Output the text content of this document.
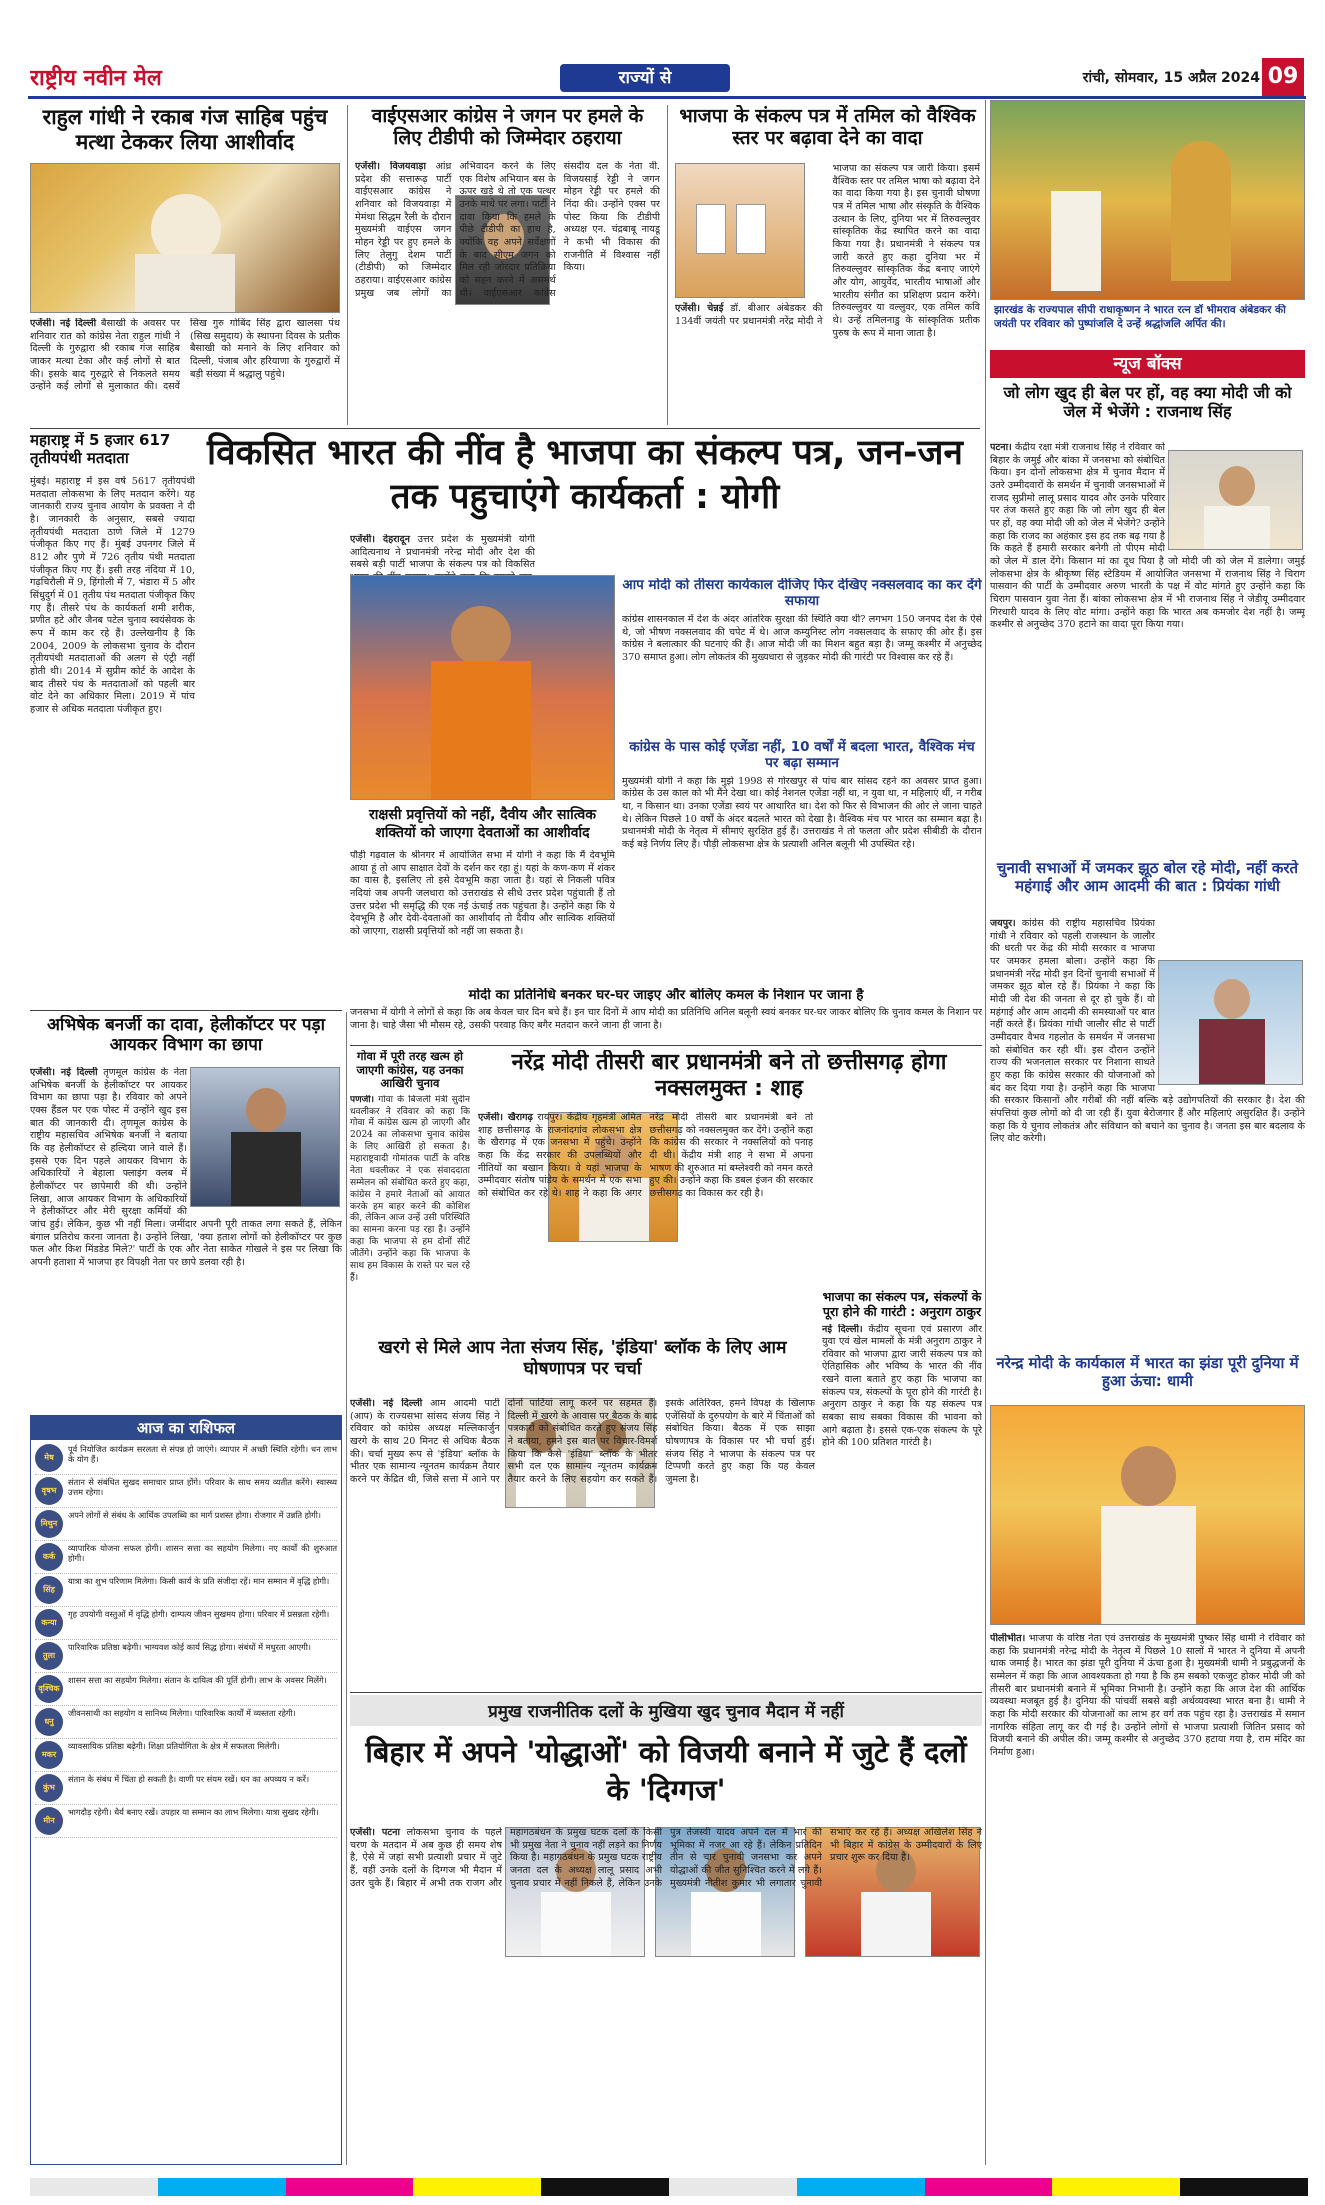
राष्ट्रीय नवीन मेल	राज्यों से	रांची, सोमवार, 15 अप्रैल 2024 09
राहुल गांधी ने रकाब गंज साहिब पहुंच मत्था टेककर लिया आशीर्वाद
एजेंसी। नई दिल्ली बैसाखी के अवसर पर शनिवार रात को कांग्रेस नेता राहुल गांधी ने दिल्ली के गुरुद्वारा श्री रकाब गंज साहिब जाकर मत्था टेका और कई लोगों से बात की। इसके बाद गुरुद्वारे से निकलते समय उन्होंने कई लोगों से मुलाकात की। दसवें सिख गुरु गोबिंद सिंह द्वारा खालसा पंथ (सिख समुदाय) के स्थापना दिवस के प्रतीक बैसाखी को मनाने के लिए शनिवार को दिल्ली, पंजाब और हरियाणा के गुरुद्वारों में बड़ी संख्या में श्रद्धालु पहुंचे।
वाईएसआर कांग्रेस ने जगन पर हमले के लिए टीडीपी को जिम्मेदार ठहराया
एजेंसी। विजयवाड़ा आंध्र प्रदेश की सत्तारूढ़ पार्टी वाईएसआर कांग्रेस ने शनिवार को विजयवाड़ा में मेमंथा सिद्धम रैली के दौरान मुख्यमंत्री वाईएस जगन मोहन रेड्डी पर हुए हमले के लिए तेलुगु देशम पार्टी (टीडीपी) को जिम्मेदार ठहराया। वाईएसआर कांग्रेस प्रमुख जब लोगों का अभिवादन करने के लिए एक विशेष अभियान बस के ऊपर खड़े थे तो एक पत्थर उनके माथे पर लगा। पार्टी ने दावा किया कि हमले के पीछे टीडीपी का हाथ है, क्योंकि वह अपने सर्वेक्षणों के बाद सीएम जगन को मिल रही जोरदार प्रतिक्रिया को सहन करने में असमर्थ थी। वाईएसआर कांग्रेस संसदीय दल के नेता वी. विजयसाई रेड्डी ने जगन मोहन रेड्डी पर हमले की निंदा की। उन्होंने एक्स पर पोस्ट किया कि टीडीपी अध्यक्ष एन. चंद्रबाबू नायडू ने कभी भी विकास की राजनीति में विश्वास नहीं किया।
भाजपा के संकल्प पत्र में तमिल को वैश्विक स्तर पर बढ़ावा देने का वादा
एजेंसी। चेन्नई डॉ. बीआर अंबेडकर की 134वीं जयंती पर प्रधानमंत्री नरेंद्र मोदी ने भाजपा का संकल्प पत्र जारी किया। इसमें वैश्विक स्तर पर तमिल भाषा को बढ़ावा देने का वादा किया गया है। इस चुनावी घोषणा पत्र में तमिल भाषा और संस्कृति के वैश्विक उत्थान के लिए, दुनिया भर में तिरुवल्लुवर सांस्कृतिक केंद्र स्थापित करने का वादा किया गया है। प्रधानमंत्री ने संकल्प पत्र जारी करते हुए कहा दुनिया भर में तिरुवल्लुवर सांस्कृतिक केंद्र बनाए जाएंगे और योग, आयुर्वेद, भारतीय भाषाओं और भारतीय संगीत का प्रशिक्षण प्रदान करेंगे। तिरुवल्लुवर या वल्लुवर, एक तमिल कवि थे। उन्हें तमिलनाडु के सांस्कृतिक प्रतीक पुरुष के रूप में माना जाता है।
झारखंड के राज्यपाल सीपी राधाकृष्णन ने भारत रत्न डॉ भीमराव अंबेडकर की जयंती पर रविवार को पुष्पांजलि दे उन्हें श्रद्धांजलि अर्पित की।
न्यूज बॉक्स
जो लोग खुद ही बेल पर हों, वह क्या मोदी जी को जेल में भेजेंगे : राजनाथ सिंह
पटना। केंद्रीय रक्षा मंत्री राजनाथ सिंह ने रविवार को बिहार के जमुई और बांका में जनसभा को संबोधित किया। इन दोनों लोकसभा क्षेत्र में चुनाव मैदान में उतरे उम्मीदवारों के समर्थन में चुनावी जनसभाओं में राजद सुप्रीमो लालू प्रसाद यादव और उनके परिवार पर तंज कसते हुए कहा कि जो लोग खुद ही बेल पर हों, वह क्या मोदी जी को जेल में भेजेंगे? उन्होंने कहा कि राजद का अहंकार इस हद तक बढ़ गया है कि कहते हैं हमारी सरकार बनेगी तो पीएम मोदी को जेल में डाल देंगे। किसान मां का दूध पिया है जो मोदी जी को जेल में डालेगा। जमुई लोकसभा क्षेत्र के श्रीकृष्ण सिंह स्टेडियम में आयोजित जनसभा में राजनाथ सिंह ने चिराग पासवान की पार्टी के उम्मीदवार अरुण भारती के पक्ष में वोट मांगते हुए उन्होंने कहा कि चिराग पासवान युवा नेता हैं। बांका लोकसभा क्षेत्र में भी राजनाथ सिंह ने जेडीयू उम्मीदवार गिरधारी यादव के लिए वोट मांगा। उन्होंने कहा कि भारत अब कमजोर देश नहीं है। जम्मू कश्मीर से अनुच्छेद 370 हटाने का वादा पूरा किया गया।
महाराष्ट्र में 5 हजार 617 तृतीयपंथी मतदाता
मुंबई। महाराष्ट्र में इस वर्ष 5617 तृतीयपंथी मतदाता लोकसभा के लिए मतदान करेंगे। यह जानकारी राज्य चुनाव आयोग के प्रवक्ता ने दी है। जानकारी के अनुसार, सबसे ज्यादा तृतीयपंथी मतदाता ठाणे जिले में 1279 पंजीकृत किए गए हैं। मुंबई उपनगर जिले में 812 और पुणे में 726 तृतीय पंथी मतदाता पंजीकृत किए गए हैं। इसी तरह नंदिया में 10, गढ़चिरौली में 9, हिंगोली में 7, भंडारा में 5 और सिंधुदुर्ग में 01 तृतीय पंथ मतदाता पंजीकृत किए गए हैं। तीसरे पंथ के कार्यकर्ता शमी शरीक, प्रणीत हटे और जैनब पटेल चुनाव स्वयंसेवक के रूप में काम कर रहे हैं। उल्लेखनीय है कि 2004, 2009 के लोकसभा चुनाव के दौरान तृतीयपंथी मतदाताओं की अलग से एंट्री नहीं होती थी। 2014 में सुप्रीम कोर्ट के आदेश के बाद तीसरे पंथ के मतदाताओं को पहली बार वोट देने का अधिकार मिला। 2019 में पांच हजार से अधिक मतदाता पंजीकृत हुए।
विकसित भारत की नींव है भाजपा का संकल्प पत्र, जन-जन तक पहुचाएंगे कार्यकर्ता : योगी
एजेंसी। देहरादून उत्तर प्रदेश के मुख्यमंत्री योगी आदित्यनाथ ने प्रधानमंत्री नरेन्द्र मोदी और देश की सबसे बड़ी पार्टी भाजपा के संकल्प पत्र को विकसित
राक्षसी प्रवृत्तियों को नहीं, दैवीय और सात्विक शक्तियों को जाएगा देवताओं का आशीर्वाद
पौड़ी गढ़वाल के श्रीनगर में आयोजित सभा में योगी ने कहा कि मैं देवभूमि आया हूं तो आप साक्षात देवों के दर्शन कर रहा हूं। यहां के कण-कण में शंकर का वास है, इसलिए तो इसे देवभूमि कहा जाता है। यहां से निकली पवित्र नदियां जब अपनी जलधारा को उत्तराखंड से सीधे उत्तर प्रदेश पहुंचाती हैं तो उत्तर प्रदेश भी समृद्धि की एक नई ऊंचाई तक पहुंचता है। उन्होंने कहा कि ये देवभूमि है और देवी-देवताओं का आशीर्वाद तो दैवीय और सात्विक शक्तियों को जाएगा, राक्षसी प्रवृत्तियों को नहीं जा सकता है।
आप मोदी को तीसरा कार्यकाल दीजिए फिर देखिए नक्सलवाद का कर देंगे सफाया
कांग्रेस शासनकाल में देश के अंदर आंतरिक सुरक्षा की स्थिति क्या थी? लगभग 150 जनपद देश के ऐसे थे, जो भीषण नक्सलवाद की चपेट में थे। आज कम्युनिस्ट लोग नक्सलवाद के सफाए की ओर हैं। इस कांग्रेस ने बलात्कार की घटनाएं की हैं। आज मोदी जी का मिशन बहुत बड़ा है। जम्मू कश्मीर में अनुच्छेद 370 समाप्त हुआ। लोग लोकतंत्र की मुख्यधारा से जुड़कर मोदी की गारंटी पर विश्वास कर रहे हैं।
कांग्रेस के पास कोई एजेंडा नहीं, 10 वर्षों में बदला भारत, वैश्विक मंच पर बढ़ा सम्मान
मुख्यमंत्री योगी ने कहा कि मुझे 1998 से गोरखपुर से पांच बार सांसद रहने का अवसर प्राप्त हुआ। कांग्रेस के उस काल को भी मैंने देखा था। कोई नेशनल एजेंडा नहीं था, न युवा था, न महिलाएं थीं, न गरीब था, न किसान था। उनका एजेंडा स्वयं पर आधारित था। देश को फिर से विभाजन की ओर ले जाना चाहते थे। लेकिन पिछले 10 वर्षों के अंदर बदलते भारत को देखा है। वैश्विक मंच पर भारत का सम्मान बढ़ा है। प्रधानमंत्री मोदी के नेतृत्व में सीमाएं सुरक्षित हुई हैं। उत्तराखंड ने तो फलता और प्रदेश सीबीडी के दौरान कई बड़े निर्णय लिए हैं। पौड़ी लोकसभा क्षेत्र के प्रत्याशी अनिल बलूनी भी उपस्थित रहे।
मोदी का प्रतिनिधि बनकर घर-घर जाइए और बोलिए कमल के निशान पर जाना है
जनसभा में योगी ने लोगों से कहा कि अब केवल चार दिन बचे हैं। इन चार दिनों में आप मोदी का प्रतिनिधि अनिल बलूनी स्वयं बनकर घर-घर जाकर बोलिए कि चुनाव कमल के निशान पर जाना है। चाहे जैसा भी मौसम रहे, उसकी परवाह किए बगैर मतदान करने जाना ही जाना है।
अभिषेक बनर्जी का दावा, हेलीकॉप्टर पर पड़ा आयकर विभाग का छापा
एजेंसी। नई दिल्ली तृणमूल कांग्रेस के नेता अभिषेक बनर्जी के हेलीकॉप्टर पर आयकर विभाग का छापा पड़ा है। रविवार को अपने एक्स हैंडल पर एक पोस्ट में उन्होंने खुद इस बात की जानकारी दी। तृणमूल कांग्रेस के राष्ट्रीय महासचिव अभिषेक बनर्जी ने बताया कि वह हेलीकॉप्टर से हल्दिया जाने वाले हैं। इससे एक दिन पहले आयकर विभाग के अधिकारियों ने बेहाला फ्लाइंग क्लब में हेलीकॉप्टर पर छापेमारी की थी। उन्होंने लिखा, आज आयकर विभाग के अधिकारियों ने हेलीकॉप्टर और मेरी सुरक्षा कर्मियों की जांच हुई। लेकिन, कुछ भी नहीं मिला। जमींदार अपनी पूरी ताकत लगा सकते हैं, लेकिन बंगाल प्रतिरोध करना जानता है। उन्होंने लिखा, 'क्या हताश लोगों को हेलीकॉप्टर पर कुछ फल और किश मिंडडेड मिले?' पार्टी के एक और नेता साकेत गोखले ने इस पर लिखा कि अपनी हताशा में भाजपा हर विपक्षी नेता पर छापे डलवा रही है।
गोवा में पूरी तरह खत्म हो जाएगी कांग्रेस, यह उनका आखिरी चुनाव
पणजी। गोवा के बिजली मंत्री सुदीन धवलीकर ने रविवार को कहा कि गोवा में कांग्रेस खत्म हो जाएगी और 2024 का लोकसभा चुनाव कांग्रेस के लिए आखिरी हो सकता है। महाराष्ट्रवादी गोमांतक पार्टी के वरिष्ठ नेता धवलीकर ने एक संवाददाता सम्मेलन को संबोधित करते हुए कहा, कांग्रेस ने हमारे नेताओं को आयात करके हम बाहर करने की कोशिश की, लेकिन आज उन्हें उसी परिस्थिति का सामना करना पड़ रहा है। उन्होंने कहा कि भाजपा से हम दोनों सीटें जीतेंगे। उन्होंने कहा कि भाजपा के साथ हम विकास के रास्ते पर चल रहे हैं।
नरेंद्र मोदी तीसरी बार प्रधानमंत्री बने तो छत्तीसगढ़ होगा नक्सलमुक्त : शाह
एजेंसी। खैरागढ़ रायपुर। केंद्रीय गृहमंत्री अमित शाह छत्तीसगढ़ के राजनांदगांव लोकसभा क्षेत्र के खैरागढ़ में एक जनसभा में पहुंचे। उन्होंने कहा कि केंद्र सरकार की उपलब्धियों और नीतियों का बखान किया। वे यहां भाजपा के उम्मीदवार संतोष पांडेय के समर्थन में एक सभा को संबोधित कर रहे थे। शाह ने कहा कि अगर नरेंद्र मोदी तीसरी बार प्रधानमंत्री बने तो छत्तीसगढ़ को नक्सलमुक्त कर देंगे। उन्होंने कहा कि कांग्रेस की सरकार ने नक्सलियों को पनाह दी थी। केंद्रीय मंत्री शाह ने सभा में अपना भाषण की शुरुआत मां बम्लेश्वरी को नमन करते हुए की। उन्होंने कहा कि डबल इंजन की सरकार छत्तीसगढ़ का विकास कर रही है।
भाजपा का संकल्प पत्र, संकल्पों के पूरा होने की गारंटी : अनुराग ठाकुर
नई दिल्ली। केंद्रीय सूचना एवं प्रसारण और युवा एवं खेल मामलों के मंत्री अनुराग ठाकुर ने रविवार को भाजपा द्वारा जारी संकल्प पत्र को ऐतिहासिक और भविष्य के भारत की नींव रखने वाला बताते हुए कहा कि भाजपा का संकल्प पत्र, संकल्पों के पूरा होने की गारंटी है। अनुराग ठाकुर ने कहा कि यह संकल्प पत्र सबका साथ सबका विकास की भावना को आगे बढ़ाता है। इससे एक-एक संकल्प के पूरे होने की 100 प्रतिशत गारंटी है।
खरगे से मिले आप नेता संजय सिंह, 'इंडिया' ब्लॉक के लिए आम घोषणापत्र पर चर्चा
एजेंसी। नई दिल्ली आम आदमी पार्टी (आप) के राज्यसभा सांसद संजय सिंह ने रविवार को कांग्रेस अध्यक्ष मल्लिकार्जुन खरगे के साथ 20 मिनट से अधिक बैठक की। चर्चा मुख्य रूप से 'इंडिया' ब्लॉक के भीतर एक सामान्य न्यूनतम कार्यक्रम तैयार करने पर केंद्रित थी, जिसे सत्ता में आने पर दोनों पार्टियां लागू करने पर सहमत हैं। दिल्ली में खरगे के आवास पर बैठक के बाद पत्रकारों को संबोधित करते हुए संजय सिंह ने बताया, हमने इस बात पर विचार-विमर्श किया कि कैसे 'इंडिया' ब्लॉक के भीतर सभी दल एक सामान्य न्यूनतम कार्यक्रम तैयार करने के लिए सहयोग कर सकते हैं। इसके अतिरिक्त, हमने विपक्ष के खिलाफ एजेंसियों के दुरुपयोग के बारे में चिंताओं को संबोधित किया। बैठक में एक साझा घोषणापत्र के विकास पर भी चर्चा हुई। संजय सिंह ने भाजपा के संकल्प पत्र पर टिप्पणी करते हुए कहा कि यह केवल जुमला है।
आज का राशिफल
मेष
पूर्व नियोजित कार्यक्रम सरलता से संपन्न हो जाएंगे। व्यापार में अच्छी स्थिति रहेगी। धन लाभ के योग हैं।
वृषभ
संतान से संबंधित सुखद समाचार प्राप्त होंगे। परिवार के साथ समय व्यतीत करेंगे। स्वास्थ्य उत्तम रहेगा।
मिथुन
अपने लोगों से संबंध के आर्थिक उपलब्धि का मार्ग प्रशस्त होगा। रोजगार में उन्नति होगी।
कर्क
व्यापारिक योजना सफल होगी। शासन सत्ता का सहयोग मिलेगा। नए कार्यों की शुरुआत होगी।
सिंह
यात्रा का शुभ परिणाम मिलेगा। किसी कार्य के प्रति संजीदा रहें। मान सम्मान में वृद्धि होगी।
कन्या
गृह उपयोगी वस्तुओं में वृद्धि होगी। दाम्पत्य जीवन सुखमय होगा। परिवार में प्रसन्नता रहेगी।
तुला
पारिवारिक प्रतिष्ठा बढ़ेगी। भाग्यवश कोई कार्य सिद्ध होगा। संबंधों में मधुरता आएगी।
वृश्चिक
शासन सत्ता का सहयोग मिलेगा। संतान के दायित्व की पूर्ति होगी। लाभ के अवसर मिलेंगे।
धनु
जीवनसाथी का सहयोग व सानिध्य मिलेगा। पारिवारिक कार्यों में व्यस्तता रहेगी।
मकर
व्यावसायिक प्रतिष्ठा बढ़ेगी। शिक्षा प्रतियोगिता के क्षेत्र में सफलता मिलेगी।
कुंभ
संतान के संबंध में चिंता हो सकती है। वाणी पर संयम रखें। धन का अपव्यय न करें।
मीन
भागदौड़ रहेगी। धैर्य बनाए रखें। उपहार या सम्मान का लाभ मिलेगा। यात्रा सुखद रहेगी।
प्रमुख राजनीतिक दलों के मुखिया खुद चुनाव मैदान में नहीं
बिहार में अपने 'योद्धाओं' को विजयी बनाने में जुटे हैं दलों के 'दिग्गज'
एजेंसी। पटना लोकसभा चुनाव के पहले चरण के मतदान में अब कुछ ही समय शेष है, ऐसे में जहां सभी प्रत्याशी प्रचार में जुटे हैं, वहीं उनके दलों के दिग्गज भी मैदान में उतर चुके हैं। बिहार में अभी तक राजग और महागठबंधन के प्रमुख घटक दलों के किसी भी प्रमुख नेता ने चुनाव नहीं लड़ने का निर्णय किया है। महागठबंधन के प्रमुख घटक राष्ट्रीय जनता दल के अध्यक्ष लालू प्रसाद अभी चुनाव प्रचार में नहीं निकले हैं, लेकिन उनके पुत्र तेजस्वी यादव अपने दल में भार की भूमिका में नजर आ रहे हैं। लेकिन प्रतिदिन तीन से चार चुनावी जनसभा कर अपने योद्धाओं की जीत सुनिश्चित करने में लगे हैं। मुख्यमंत्री नीतीश कुमार भी लगातार चुनावी सभाएं कर रहे हैं। अध्यक्ष अखिलेश सिंह ने भी बिहार में कांग्रेस के उम्मीदवारों के लिए प्रचार शुरू कर दिया है।
चुनावी सभाओं में जमकर झूठ बोल रहे मोदी, नहीं करते महंगाई और आम आदमी की बात : प्रियंका गांधी
जयपुर। कांग्रेस की राष्ट्रीय महासचिव प्रियंका गांधी ने रविवार को पहली राजस्थान के जालौर की धरती पर केंद्र की मोदी सरकार व भाजपा पर जमकर हमला बोला। उन्होंने कहा कि प्रधानमंत्री नरेंद्र मोदी इन दिनों चुनावी सभाओं में जमकर झूठ बोल रहे हैं। प्रियंका ने कहा कि मोदी जी देश की जनता से दूर हो चुके हैं। वो महंगाई और आम आदमी की समस्याओं पर बात नहीं करते हैं। प्रियंका गांधी जालौर सीट से पार्टी उम्मीदवार वैभव गहलोत के समर्थन में जनसभा को संबोधित कर रही थीं। इस दौरान उन्होंने राज्य की भजनलाल सरकार पर निशाना साधते हुए कहा कि कांग्रेस सरकार की योजनाओं को बंद कर दिया गया है। उन्होंने कहा कि भाजपा की सरकार किसानों और गरीबों की नहीं बल्कि बड़े उद्योगपतियों की सरकार है। देश की संपत्तियां कुछ लोगों को दी जा रही हैं। युवा बेरोजगार हैं और महिलाएं असुरक्षित हैं। उन्होंने कहा कि ये चुनाव लोकतंत्र और संविधान को बचाने का चुनाव है। जनता इस बार बदलाव के लिए वोट करेगी।
नरेन्द्र मोदी के कार्यकाल में भारत का झंडा पूरी दुनिया में हुआ ऊंचा: धामी
पीलीभीत। भाजपा के वरिष्ठ नेता एवं उत्तराखंड के मुख्यमंत्री पुष्कर सिंह धामी ने रविवार को कहा कि प्रधानमंत्री नरेन्द्र मोदी के नेतृत्व में पिछले 10 सालों में भारत ने दुनिया में अपनी धाक जमाई है। भारत का झंडा पूरी दुनिया में ऊंचा हुआ है। मुख्यमंत्री धामी ने प्रबुद्धजनों के सम्मेलन में कहा कि आज आवश्यकता हो गया है कि हम सबको एकजुट होकर मोदी जी को तीसरी बार प्रधानमंत्री बनाने में भूमिका निभानी है। उन्होंने कहा कि आज देश की आर्थिक व्यवस्था मजबूत हुई है। दुनिया की पांचवीं सबसे बड़ी अर्थव्यवस्था भारत बना है। धामी ने कहा कि मोदी सरकार की योजनाओं का लाभ हर वर्ग तक पहुंच रहा है। उत्तराखंड में समान नागरिक संहिता लागू कर दी गई है। उन्होंने लोगों से भाजपा प्रत्याशी जितिन प्रसाद को विजयी बनाने की अपील की। जम्मू कश्मीर से अनुच्छेद 370 हटाया गया है, राम मंदिर का निर्माण हुआ।
